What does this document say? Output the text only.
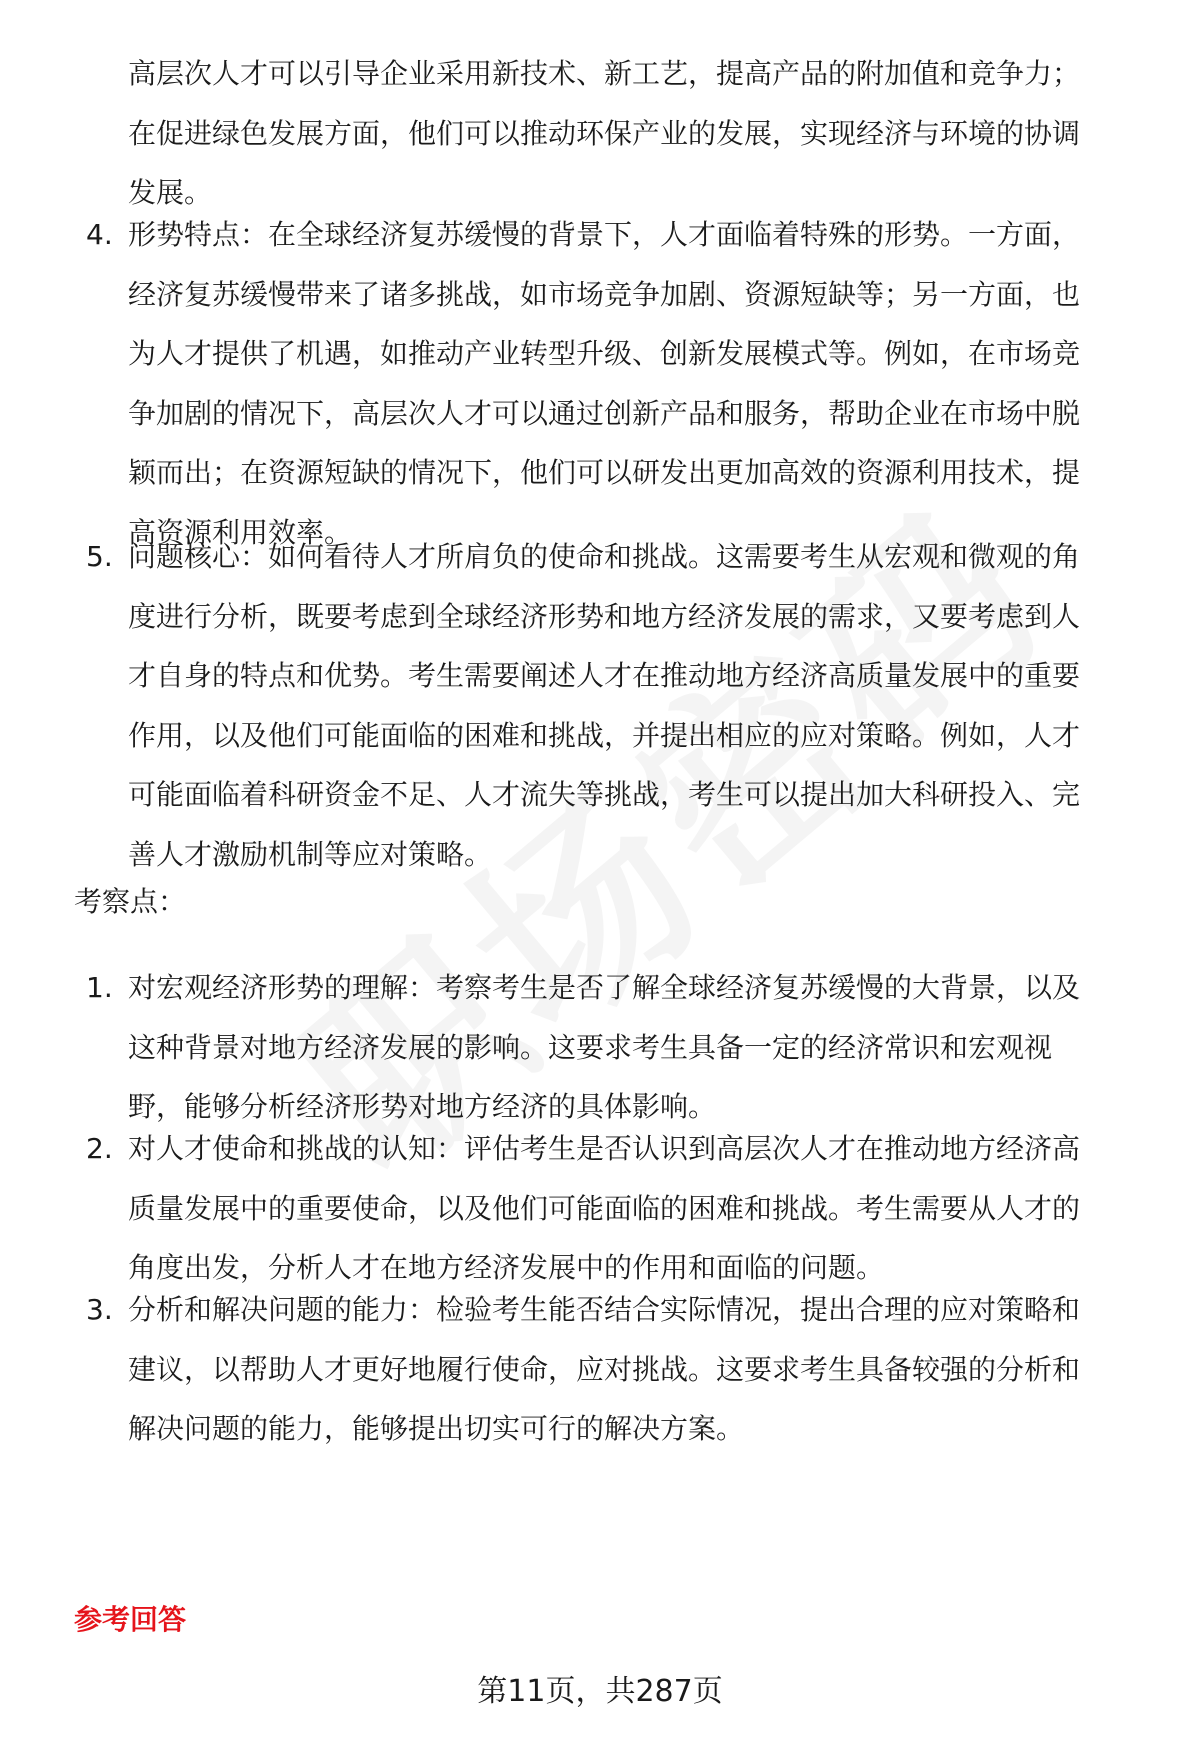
高层次人才可以引导企业采用新技术、新工艺，提高产品的附加值和竞争力；
在促进绿色发展方面，他们可以推动环保产业的发展，实现经济与环境的协调
发展。
4. 形势特点：在全球经济复苏缓慢的背景下，人才面临着特殊的形势。一方面，
经济复苏缓慢带来了诸多挑战，如市场竞争加剧、资源短缺等；另一方面，也
为人才提供了机遇，如推动产业转型升级、创新发展模式等。例如，在市场竞
争加剧的情况下，高层次人才可以通过创新产品和服务，帮助企业在市场中脱
颖而出；在资源短缺的情况下，他们可以研发出更加高效的资源利用技术，提
高资源利用效率。
5. 问题核心：如何看待人才所肩负的使命和挑战。这需要考生从宏观和微观的角
度进行分析，既要考虑到全球经济形势和地方经济发展的需求，又要考虑到人
才自身的特点和优势。考生需要阐述人才在推动地方经济高质量发展中的重要
作用，以及他们可能面临的困难和挑战，并提出相应的应对策略。例如，人才
可能面临着科研资金不足、人才流失等挑战，考生可以提出加大科研投入、完
善人才激励机制等应对策略。
考察点：
1. 对宏观经济形势的理解：考察考生是否了解全球经济复苏缓慢的大背景，以及
这种背景对地方经济发展的影响。这要求考生具备一定的经济常识和宏观视
野，能够分析经济形势对地方经济的具体影响。
2. 对人才使命和挑战的认知：评估考生是否认识到高层次人才在推动地方经济高
质量发展中的重要使命，以及他们可能面临的困难和挑战。考生需要从人才的
角度出发，分析人才在地方经济发展中的作用和面临的问题。
3. 分析和解决问题的能力：检验考生能否结合实际情况，提出合理的应对策略和
建议，以帮助人才更好地履行使命，应对挑战。这要求考生具备较强的分析和
解决问题的能力，能够提出切实可行的解决方案。
参考回答
第11页，共287页
